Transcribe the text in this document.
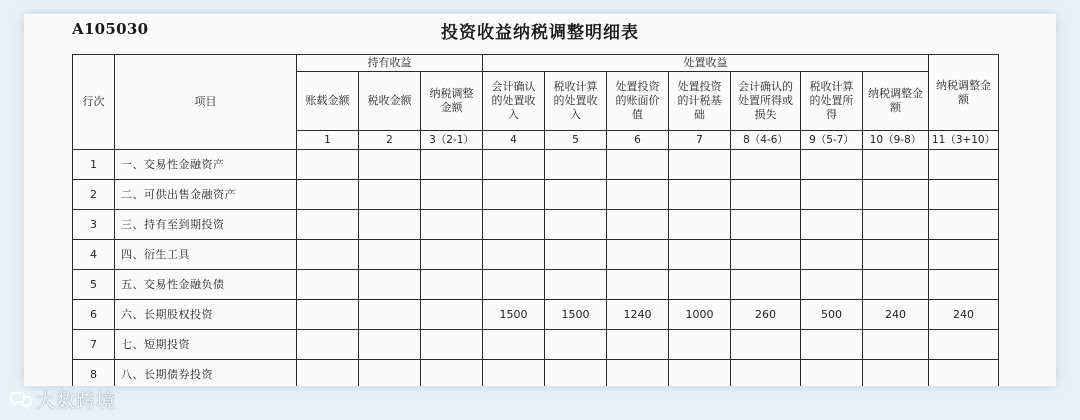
A105030	投资收益纳税调整明细表
行次	项目	持有收益			处置收益							纳税调整金额

		账载金额	税收金额	纳税调整金额	会计确认的处置收入	税收计算的处置收入	处置投资的账面价值	处置投资的计税基础	会计确认的处置所得或损失	税收计算的处置所得	纳税调整金额	

		1	2	3（2-1）	4	5	6	7	8（4-6）	9（5-7）	10（9-8）	11（3+10）
1	一、交易性金融资产											
2	二、可供出售金融资产											
3	三、持有至到期投资											
4	四、衍生工具											
5	五、交易性金融负债											
6	六、长期股权投资				1500	1500	1240	1000	260	500	240	240
7	七、短期投资											
8	八、长期债券投资											
大数跨境
